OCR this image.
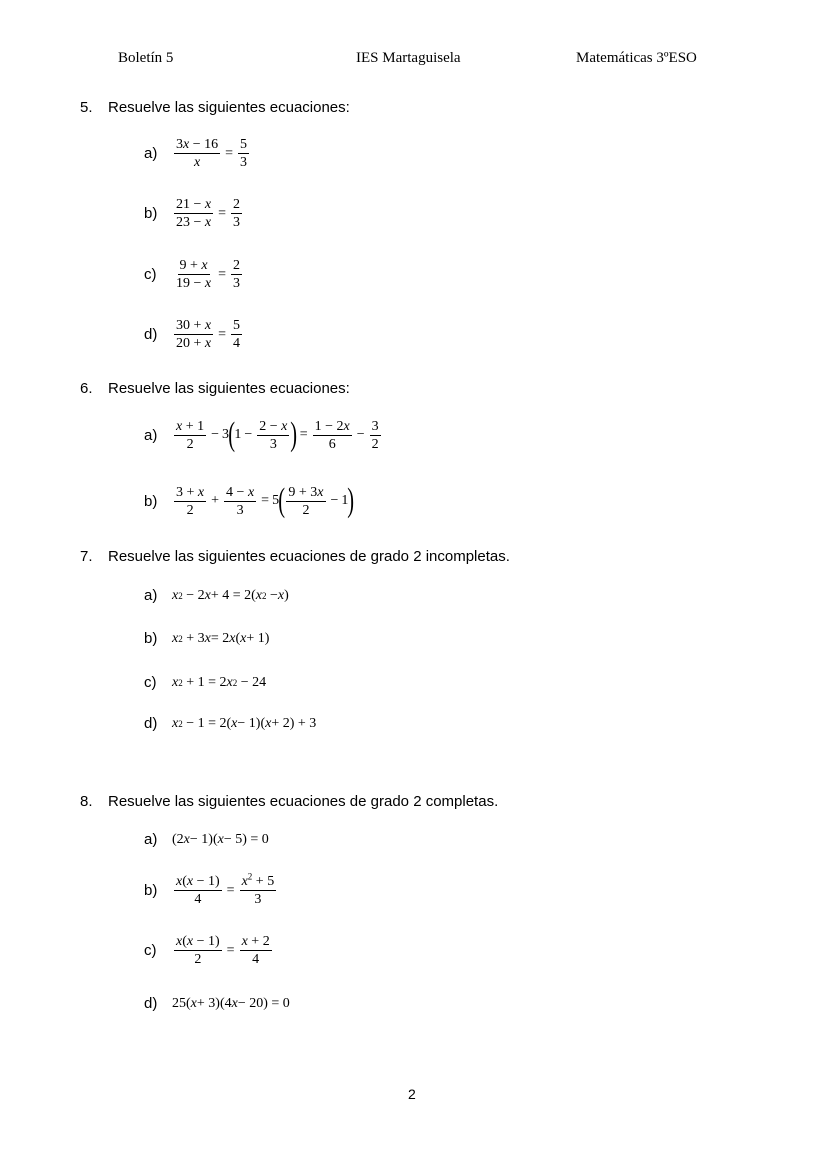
Boletín 5	IES Martaguisela	Matemáticas 3ºESO
5. Resuelve las siguientes ecuaciones:
a)	$\frac{3x - 16}{x} = \frac{5}{3}$
b)	$\frac{21 - x}{23 - x} = \frac{2}{3}$
c)	$\frac{9 + x}{19 - x} = \frac{2}{3}$
d)	$\frac{30 + x}{20 + x} = \frac{5}{4}$
6. Resuelve las siguientes ecuaciones:
a)	$\frac{x + 1}{2} - 3$ ( $1 - \frac{2 - x}{3}$ ) = $\frac{1 - 2x}{6} - \frac{3}{2}$
b)	$\frac{3 + x}{2} + \frac{4 - x}{3} = 5$ ( $\frac{9 + 3x}{2} - 1$ )
7. Resuelve las siguientes ecuaciones de grado 2 incompletas.
a)	x 2 − 2 x + 4 = 2( x 2 − x )
b)	x 2 + 3 x = 2 x ( x + 1)
c)	x 2 + 1 = 2 x 2 − 24
d)	x 2 − 1 = 2( x − 1)( x + 2) + 3
8. Resuelve las siguientes ecuaciones de grado 2 completas.
a)	(2 x − 1)( x − 5) = 0
b)	$\frac{x(x - 1)}{4} = \frac{x^2 + 5}{3}$
c)	$\frac{x(x - 1)}{2} = \frac{x + 2}{4}$
d)	25( x + 3)(4 x − 20) = 0
2
